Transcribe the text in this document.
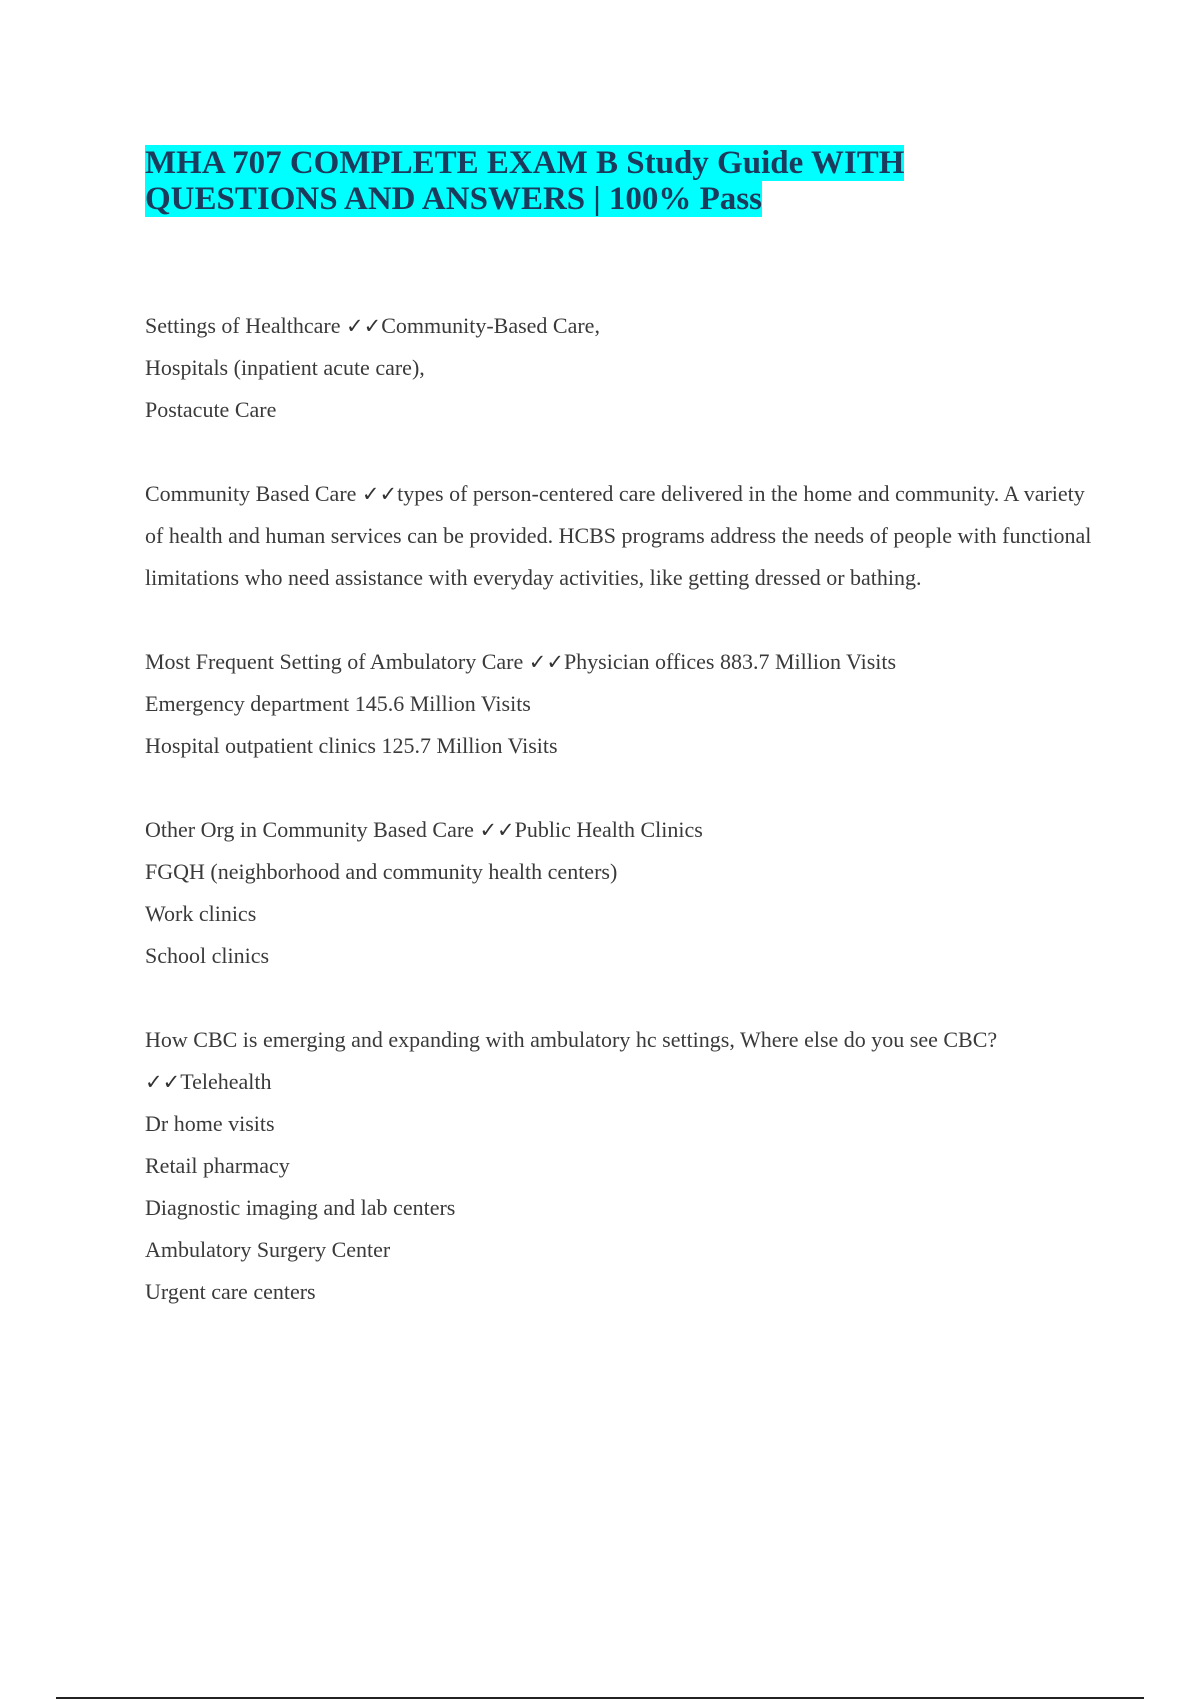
MHA 707 COMPLETE EXAM B Study Guide WITH QUESTIONS AND ANSWERS | 100% Pass
Settings of Healthcare ✓✓Community-Based Care,
Hospitals (inpatient acute care),
Postacute Care
Community Based Care ✓✓types of person-centered care delivered in the home and community. A variety of health and human services can be provided. HCBS programs address the needs of people with functional limitations who need assistance with everyday activities, like getting dressed or bathing.
Most Frequent Setting of Ambulatory Care ✓✓Physician offices 883.7 Million Visits
Emergency department 145.6 Million Visits
Hospital outpatient clinics 125.7 Million Visits
Other Org in Community Based Care ✓✓Public Health Clinics
FGQH (neighborhood and community health centers)
Work clinics
School clinics
How CBC is emerging and expanding with ambulatory hc settings, Where else do you see CBC? ✓✓Telehealth
Dr home visits
Retail pharmacy
Diagnostic imaging and lab centers
Ambulatory Surgery Center
Urgent care centers
